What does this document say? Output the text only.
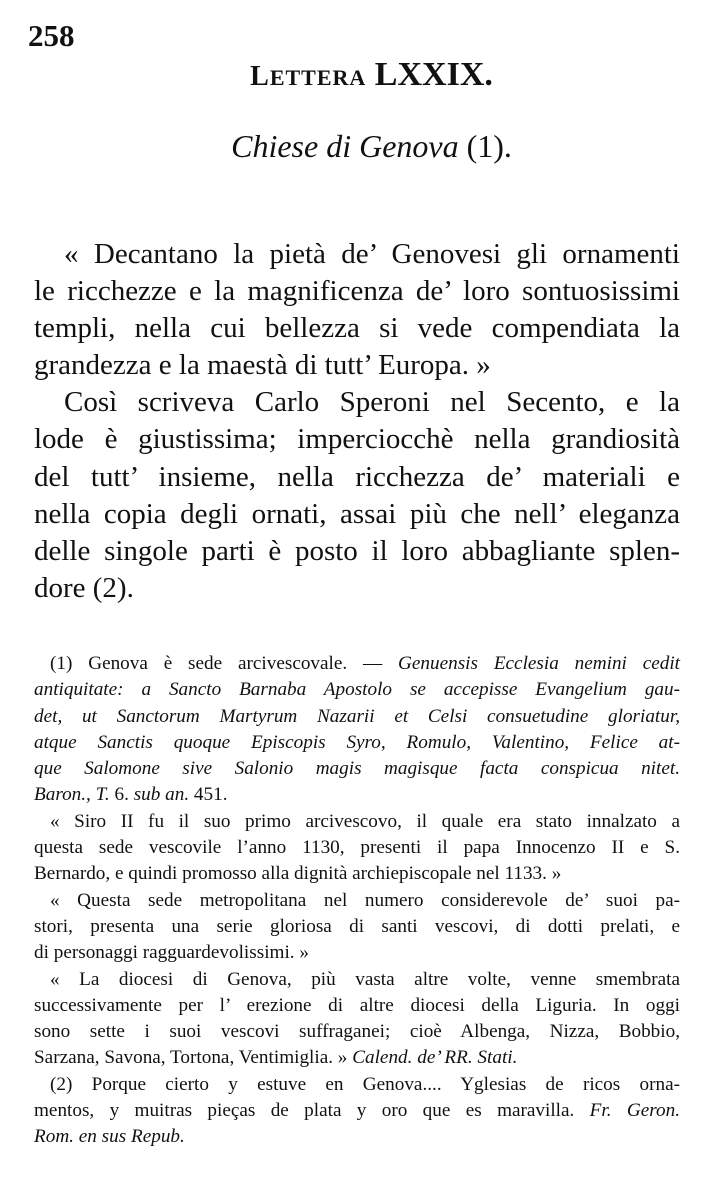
258
LETTERA LXXIX.
Chiese di Genova (1).
« Decantano la pietà de’ Genovesi gli ornamenti
le ricchezze e la magnificenza de’ loro sontuosissimi
templi, nella cui bellezza si vede compendiata la
grandezza e la maestà di tutt’ Europa. »
Così scriveva Carlo Speroni nel Secento, e la
lode è giustissima; imperciocchè nella grandiosità
del tutt’ insieme, nella ricchezza de’ materiali e
nella copia degli ornati, assai più che nell’ eleganza
delle singole parti è posto il loro abbagliante splen-
dore (2).
(1) Genova è sede arcivescovale. — Genuensis Ecclesia nemini cedit
antiquitate: a Sancto Barnaba Apostolo se accepisse Evangelium gau-
det, ut Sanctorum Martyrum Nazarii et Celsi consuetudine gloriatur,
atque Sanctis quoque Episcopis Syro, Romulo, Valentino, Felice at-
que Salomone sive Salonio magis magisque facta conspicua nitet.
Baron., T. 6. sub an. 451.
« Siro II fu il suo primo arcivescovo, il quale era stato innalzato a
questa sede vescovile l’anno 1130, presenti il papa Innocenzo II e S.
Bernardo, e quindi promosso alla dignità archiepiscopale nel 1133. »
« Questa sede metropolitana nel numero considerevole de’ suoi pa-
stori, presenta una serie gloriosa di santi vescovi, di dotti prelati, e
di personaggi ragguardevolissimi. »
« La diocesi di Genova, più vasta altre volte, venne smembrata
successivamente per l’ erezione di altre diocesi della Liguria. In oggi
sono sette i suoi vescovi suffraganei; cioè Albenga, Nizza, Bobbio,
Sarzana, Savona, Tortona, Ventimiglia. » Calend. de’ RR. Stati.
(2) Porque cierto y estuve en Genova.... Yglesias de ricos orna-
mentos, y muitras pieças de plata y oro que es maravilla. Fr. Geron.
Rom. en sus Repub.
